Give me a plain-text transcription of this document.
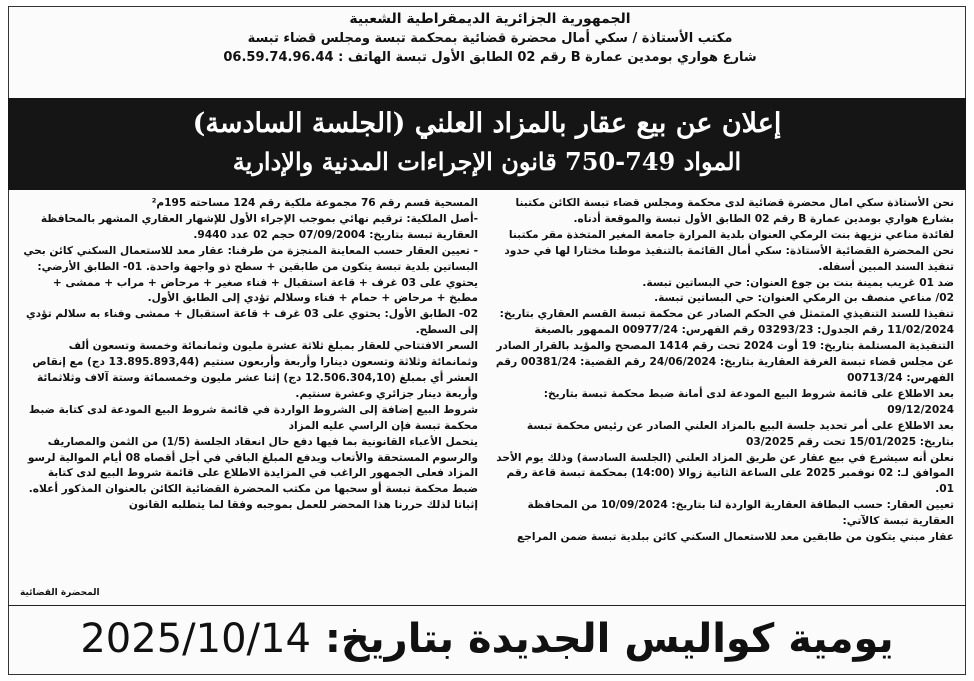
الجمهورية الجزائرية الديمقراطية الشعبية

مكتب الأستاذة / سكي أمال محضرة قضائية بمحكمة تبسة ومجلس قضاء تبسة

شارع هواري بومدين عمارة B رقم 02 الطابق الأول تبسة الهاتف : 06.59.74.96.44

إعلان عن بيع عقار بالمزاد العلني (الجلسة السادسة)
المواد 749-750 قانون الإجراءات المدنية والإدارية

نحن الأستاذة سكي امال محضرة قضائية لدى محكمة ومجلس قضاء تبسة الكائن مكتبنا بشارع هواري بومدين عمارة B رقم 02 الطابق الأول تبسة والموقعة أدناه.

لفائدة مناعي نزيهة بنت الرمكي العنوان بلدية المرارة جامعة المغير المتخذة مقر مكتبنا نحن المحضرة القضائية الأستاذة: سكي أمال القائمة بالتنفيذ موطنا مختارا لها في حدود تنفيذ السند المبين أسفله.

ضد 01 غريب يمينة بنت بن جوع العنوان: حي البساتين تبسة.

02/ مناعي منصف بن الرمكي العنوان: حي البساتين تبسة.

تنفيذا للسند التنفيذي المتمثل في الحكم الصادر عن محكمة تبسة القسم العقاري بتاريخ: 11/02/2024 رقم الجدول: 03293/23 رقم الفهرس: 00977/24 الممهور بالصيغة التنفيذية المستلمة بتاريخ: 19 أوت 2024 تحت رقم 1414 المصحح والمؤيد بالقرار الصادر عن مجلس قضاء تبسة الغرفة العقارية بتاريخ: 24/06/2024 رقم القضية: 00381/24 رقم الفهرس: 00713/24

بعد الاطلاع على قائمة شروط البيع المودعة لدى أمانة ضبط محكمة تبسة بتاريخ: 09/12/2024

بعد الاطلاع على أمر تحديد جلسة البيع بالمزاد العلني الصادر عن رئيس محكمة تبسة بتاريخ: 15/01/2025 تحت رقم 03/2025

نعلن أنه سيشرع في بيع عقار عن طريق المزاد العلني (الجلسة السادسة) وذلك يوم الأحد الموافق لـ: 02 نوفمبر 2025 على الساعة الثانية زوالا (14:00) بمحكمة تبسة قاعة رقم 01.

تعيين العقار: حسب البطاقة العقارية الواردة لنا بتاريخ: 10/09/2024 من المحافظة العقارية تبسة كالآتي:

عقار مبني يتكون من طابقين معد للاستعمال السكني كائن ببلدية تبسة ضمن المراجع

المسحية قسم رقم 76 مجموعة ملكية رقم 124 مساحته 195م²

-أصل الملكية: ترقيم نهائي بموجب الإجراء الأول للإشهار العقاري المشهر بالمحافظة العقارية تبسة بتاريخ: 07/09/2004 حجم 02 عدد 9440.

- تعيين العقار حسب المعاينة المنجزة من طرفنا: عقار معد للاستعمال السكني كائن بحي البساتين بلدية تبسة يتكون من طابقين + سطح ذو واجهة واحدة. 01- الطابق الأرضي: يحتوي على 03 غرف + قاعة استقبال + فناء صغير + مرحاض + مراب + ممشى + مطبخ + مرحاض + حمام + فناء وسلالم تؤدي إلى الطابق الأول.

02- الطابق الأول: يحتوي على 03 غرف + قاعة استقبال + ممشى وفناء به سلالم تؤدي إلى السطح.

السعر الافتتاحي للعقار بمبلغ ثلاثة عشرة مليون وثمانمائة وخمسة وتسعون ألف وثمانمائة وثلاثة وتسعون دينارا وأربعة وأربعون سنتيم (13.895.893,44 دج) مع إنقاص العشر أي بمبلغ (12.506.304,10 دج) إثنا عشر مليون وخمسمائة وستة آلاف وثلاثمائة وأربعة دينار جزائري وعشرة سنتيم.

شروط البيع إضافة إلى الشروط الواردة في قائمة شروط البيع المودعة لدى كتابة ضبط محكمة تبسة فإن الراسي عليه المزاد

يتحمل الأعباء القانونية بما فيها دفع حال انعقاد الجلسة (1/5) من الثمن والمصاريف والرسوم المستحقة والأتعاب ويدفع المبلغ الباقي في أجل أقصاه 08 أيام الموالية لرسو المزاد فعلى الجمهور الراغب في المزايدة الاطلاع على قائمة شروط البيع لدى كتابة ضبط محكمة تبسة أو سحبها من مكتب المحضرة القضائية الكائن بالعنوان المذكور أعلاه.

إثباتا لذلك حررنا هذا المحضر للعمل بموجبه وفقا لما يتطلبه القانون

المحضرة القضائية
يومية كواليس الجديدة بتاريخ: 2025/10/14
